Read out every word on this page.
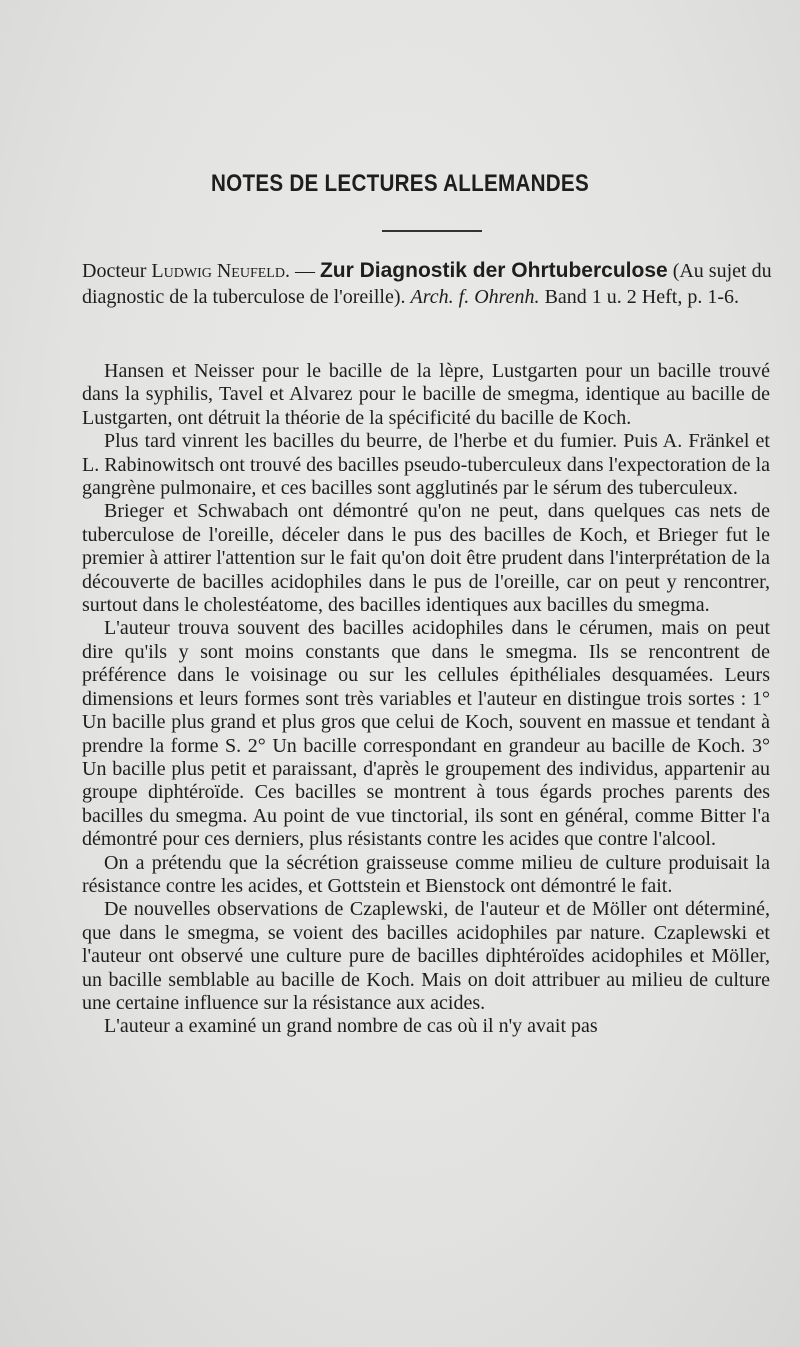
NOTES DE LECTURES ALLEMANDES
Docteur Ludwig Neufeld. — Zur Diagnostik der Ohrtuberculose (Au sujet du diagnostic de la tuberculose de l'oreille). Arch. f. Ohrenh. Band 1 u. 2 Heft, p. 1-6.

Hansen et Neisser pour le bacille de la lèpre, Lustgarten pour un bacille trouvé dans la syphilis, Tavel et Alvarez pour le bacille de smegma, identique au bacille de Lustgarten, ont détruit la théorie de la spécificité du bacille de Koch.

Plus tard vinrent les bacilles du beurre, de l'herbe et du fumier. Puis A. Fränkel et L. Rabinowitsch ont trouvé des bacilles pseudo-tuberculeux dans l'expectoration de la gangrène pulmonaire, et ces bacilles sont agglutinés par le sérum des tuberculeux.

Brieger et Schwabach ont démontré qu'on ne peut, dans quelques cas nets de tuberculose de l'oreille, déceler dans le pus des bacilles de Koch, et Brieger fut le premier à attirer l'attention sur le fait qu'on doit être prudent dans l'interprétation de la découverte de bacilles acidophiles dans le pus de l'oreille, car on peut y rencontrer, surtout dans le cholestéatome, des bacilles identiques aux bacilles du smegma.

L'auteur trouva souvent des bacilles acidophiles dans le cérumen, mais on peut dire qu'ils y sont moins constants que dans le smegma. Ils se rencontrent de préférence dans le voisinage ou sur les cellules épithéliales desquamées. Leurs dimensions et leurs formes sont très variables et l'auteur en distingue trois sortes : 1° Un bacille plus grand et plus gros que celui de Koch, souvent en massue et tendant à prendre la forme S. 2° Un bacille correspondant en grandeur au bacille de Koch. 3° Un bacille plus petit et paraissant, d'après le groupement des individus, appartenir au groupe diphtéroïde. Ces bacilles se montrent à tous égards proches parents des bacilles du smegma. Au point de vue tinctorial, ils sont en général, comme Bitter l'a démontré pour ces derniers, plus résistants contre les acides que contre l'alcool.

On a prétendu que la sécrétion graisseuse comme milieu de culture produisait la résistance contre les acides, et Gottstein et Bienstock ont démontré le fait.

De nouvelles observations de Czaplewski, de l'auteur et de Möller ont déterminé, que dans le smegma, se voient des bacilles acidophiles par nature. Czaplewski et l'auteur ont observé une culture pure de bacilles diphtéroïdes acidophiles et Möller, un bacille semblable au bacille de Koch. Mais on doit attribuer au milieu de culture une certaine influence sur la résistance aux acides.

L'auteur a examiné un grand nombre de cas où il n'y avait pas
